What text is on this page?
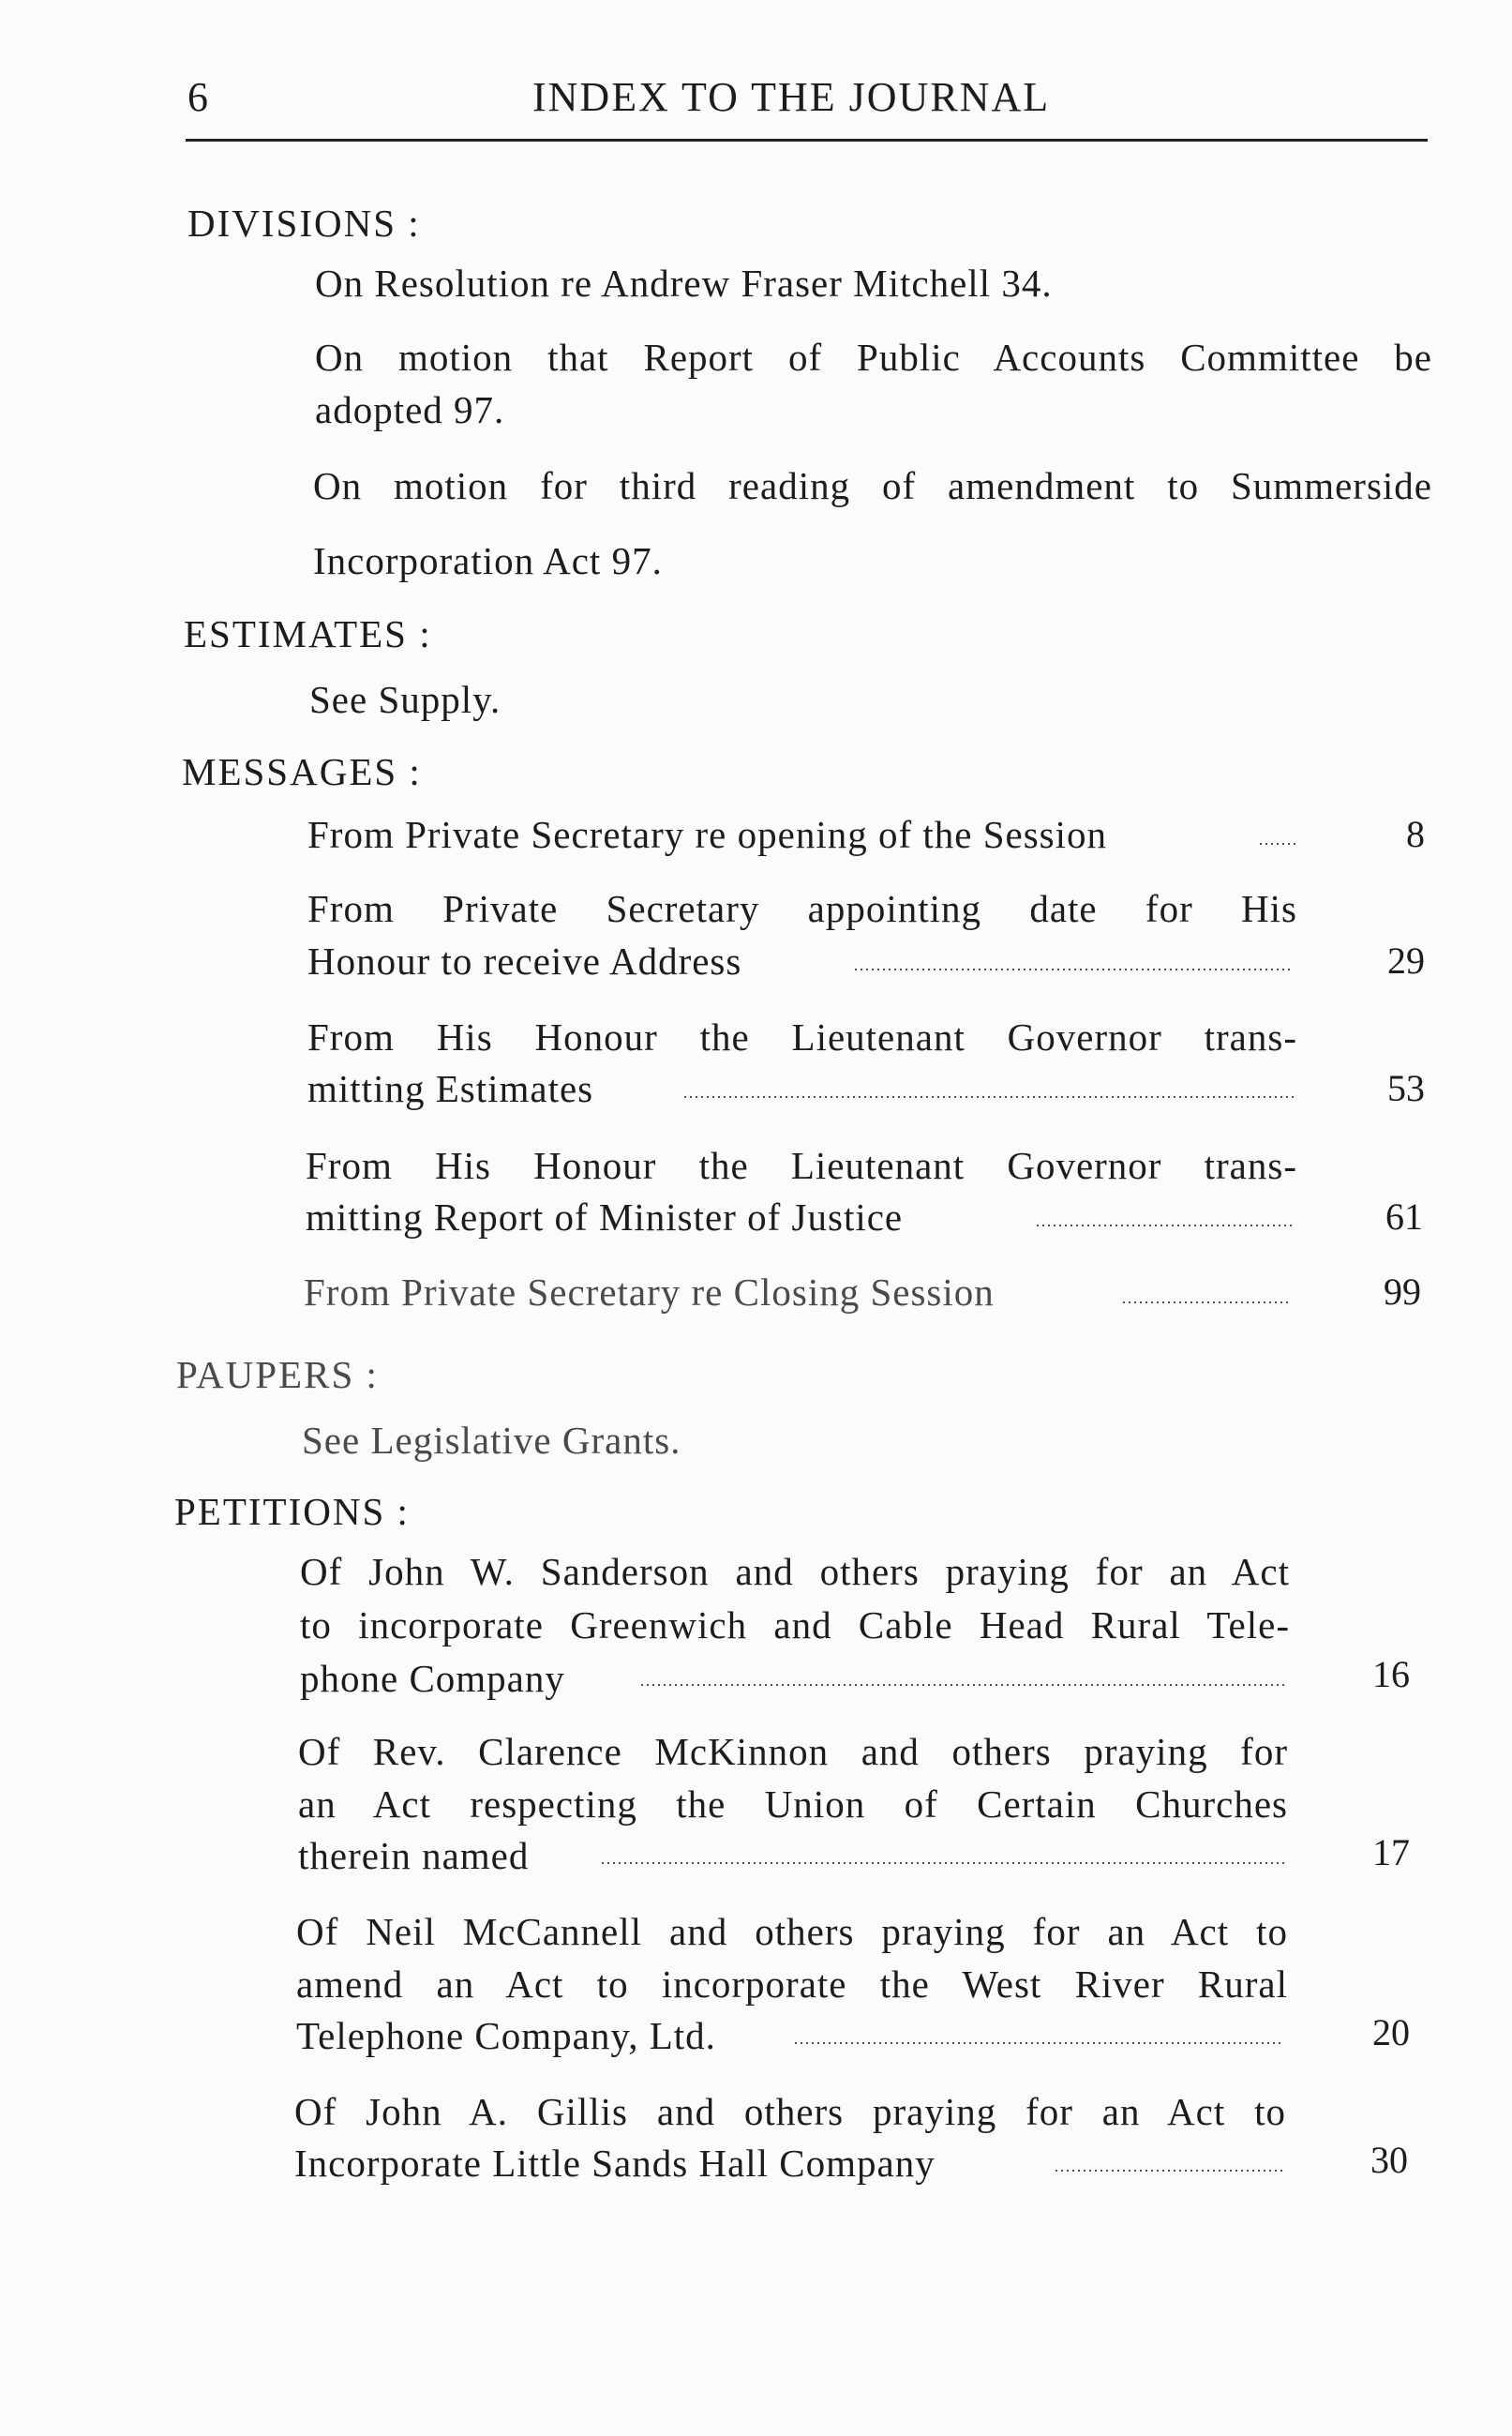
6	INDEX TO THE JOURNAL
DIVISIONS :
On Resolution re Andrew Fraser Mitchell 34.
On motion that Report of Public Accounts Committee be
adopted 97.
On motion for third reading of amendment to Summerside
Incorporation Act 97.
ESTIMATES :
See Supply.
MESSAGES :
From Private Secretary re opening of the Session	8
From Private Secretary appointing date for His
Honour to receive Address	29
From His Honour the Lieutenant Governor trans-
mitting Estimates	53
From His Honour the Lieutenant Governor trans-
mitting Report of Minister of Justice	61
From Private Secretary re Closing Session	99
PAUPERS :
See Legislative Grants.
PETITIONS :
Of John W. Sanderson and others praying for an Act
to incorporate Greenwich and Cable Head Rural Tele-
phone Company	16
Of Rev. Clarence McKinnon and others praying for
an Act respecting the Union of Certain Churches
therein named	17
Of Neil McCannell and others praying for an Act to
amend an Act to incorporate the West River Rural
Telephone Company, Ltd.	20
Of John A. Gillis and others praying for an Act to
Incorporate Little Sands Hall Company	30
